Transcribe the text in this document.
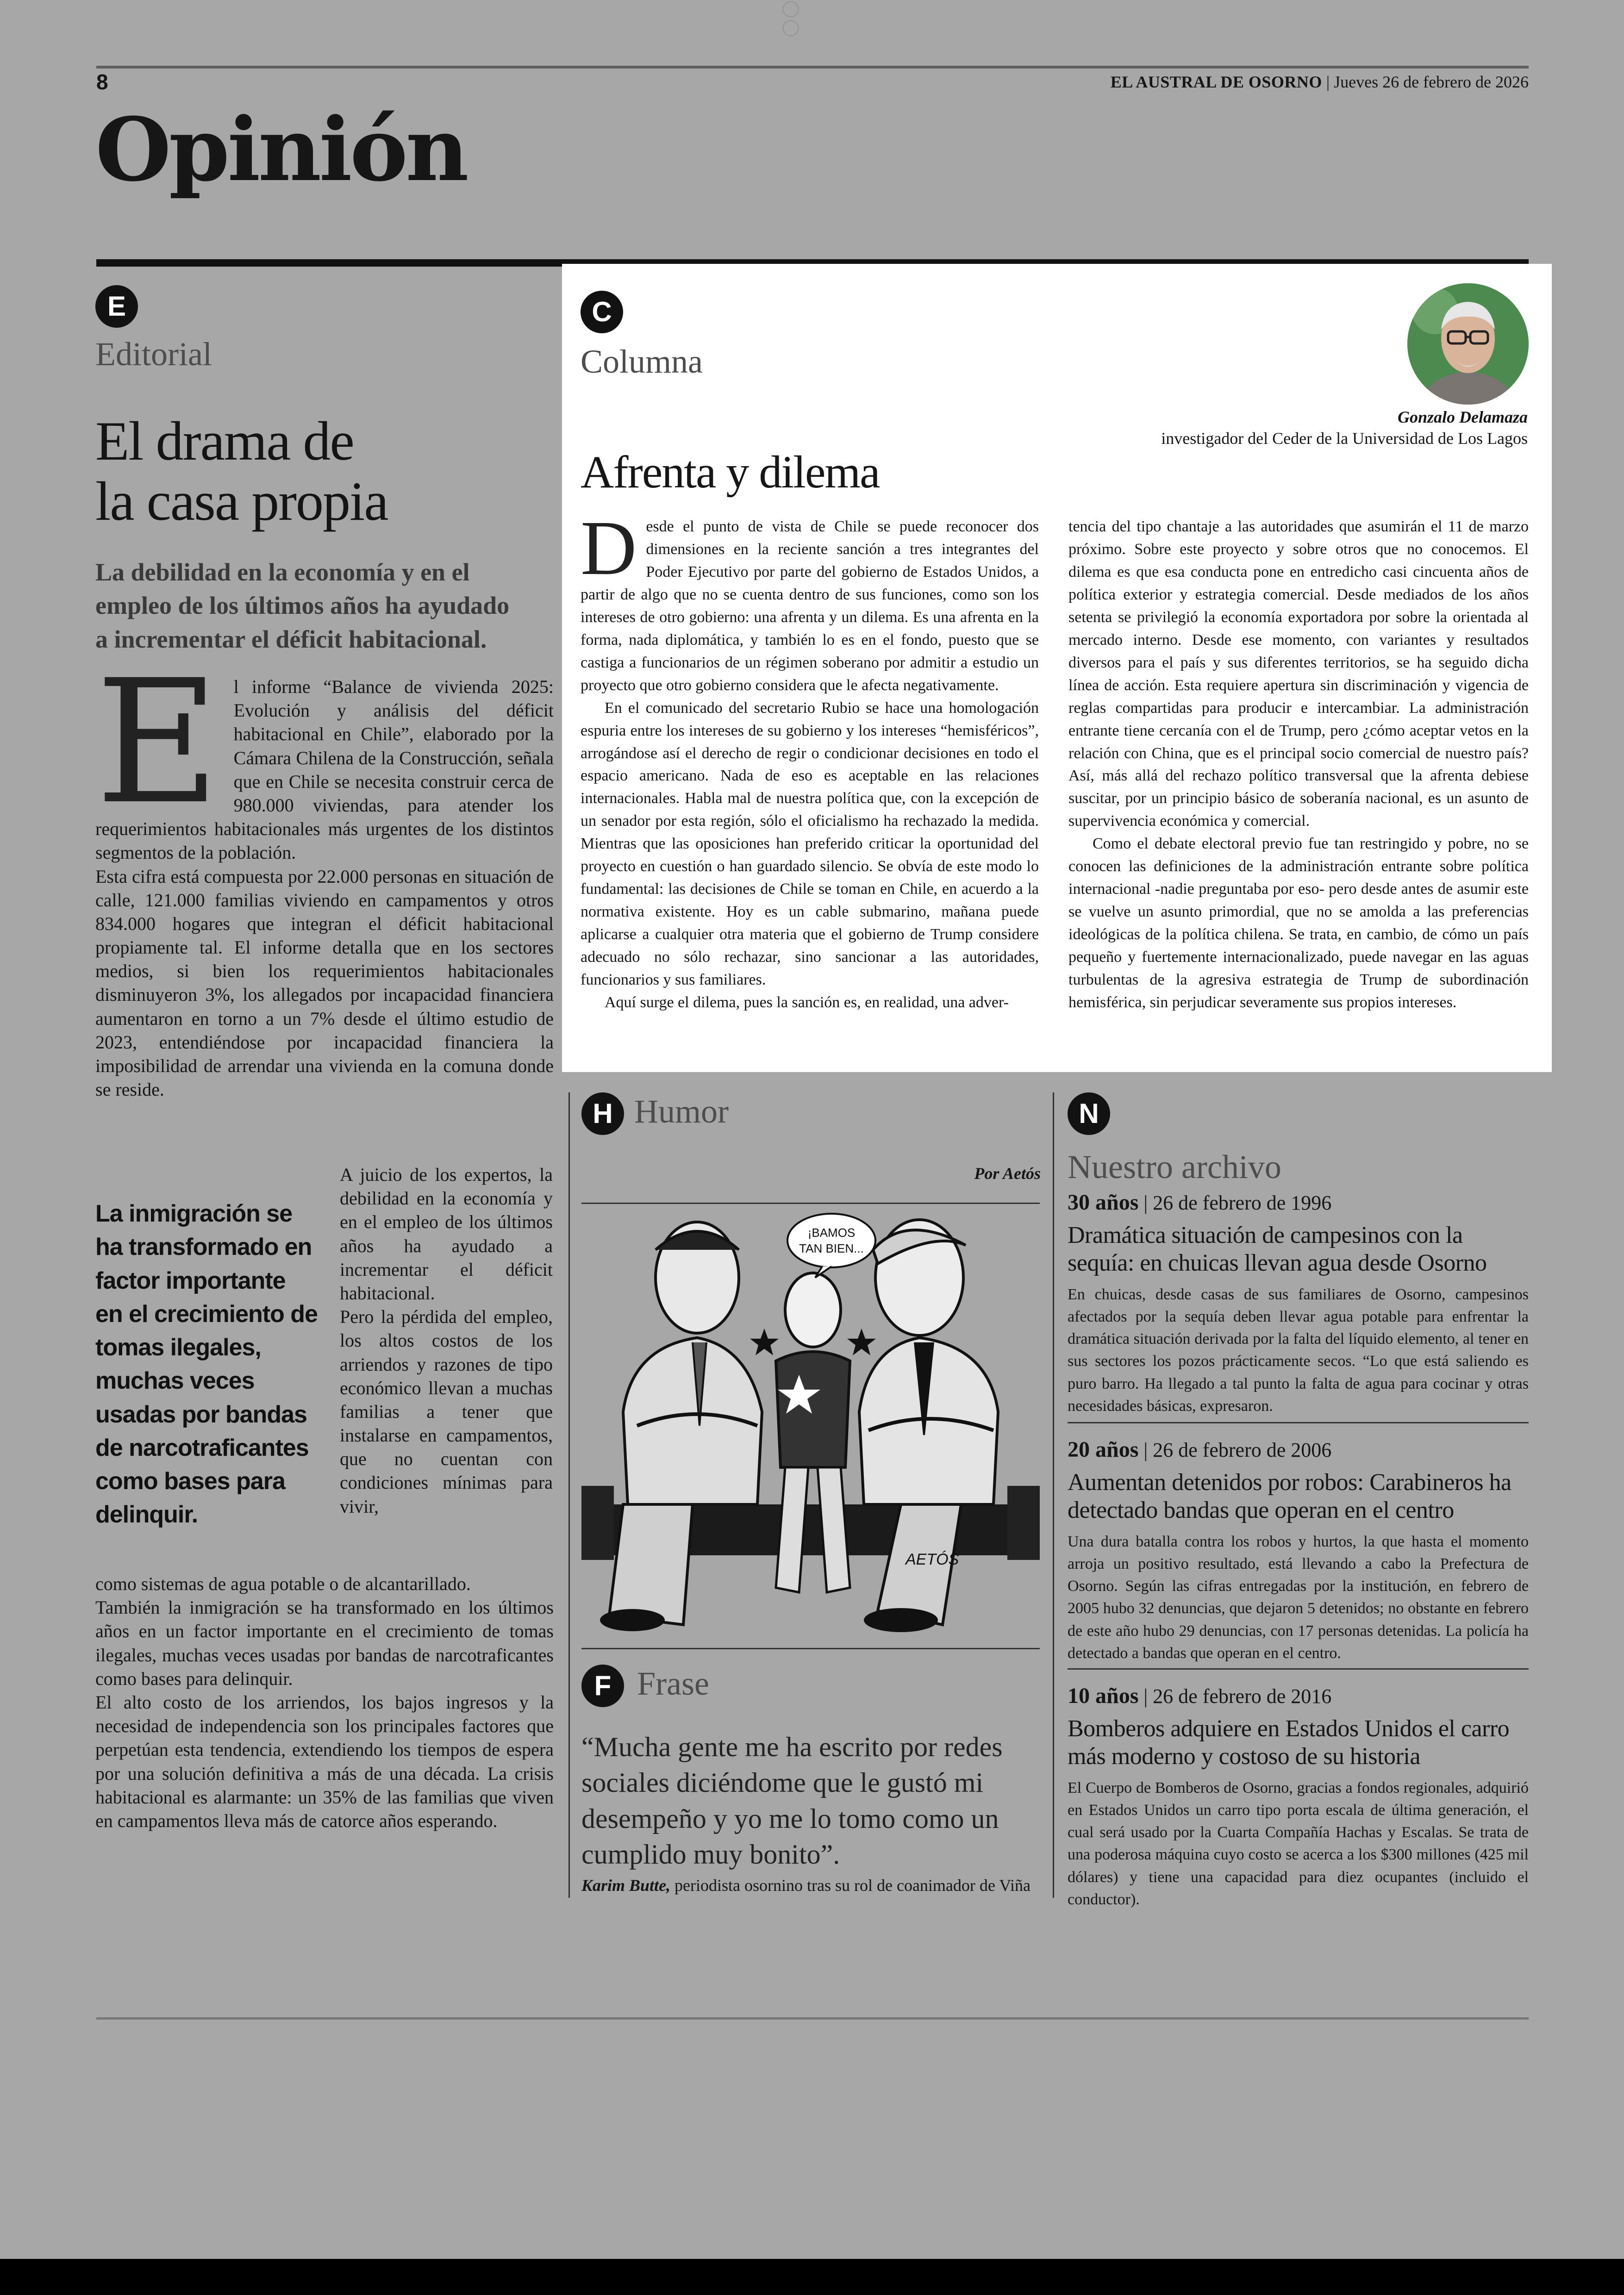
8	EL AUSTRAL DE OSORNO | Jueves 26 de febrero de 2026
Opinión
E
Editorial
El drama de
la casa propia
La debilidad en la economía y en el empleo de los últimos años ha ayudado a incrementar el déficit habitacional.
E l informe “Balance de vivienda 2025: Evolución y análisis del déficit habitacional en Chile”, elaborado por la Cámara Chilena de la Construcción, señala que en Chile se necesita construir cerca de 980.000 viviendas, para atender los requerimientos habitacionales más urgentes de los distintos segmentos de la población.

Esta cifra está compuesta por 22.000 personas en situación de calle, 121.000 familias viviendo en campamentos y otros 834.000 hogares que integran el déficit habitacional propiamente tal. El informe detalla que en los sectores medios, si bien los requerimientos habitacionales disminuyeron 3%, los allegados por incapacidad financiera aumentaron en torno a un 7% desde el último estudio de 2023, entendiéndose por incapacidad financiera la imposibilidad de arrendar una vivienda en la comuna donde se reside.

La inmigración se ha transformado en factor importante en el crecimiento de tomas ilegales, muchas veces usadas por bandas de narcotraficantes como bases para delinquir.

A juicio de los expertos, la debilidad en la economía y en el empleo de los últimos años ha ayudado a incrementar el déficit habitacional.

Pero la pérdida del empleo, los altos costos de los arriendos y razones de tipo económico llevan a muchas familias a tener que instalarse en campamentos, que no cuentan con condiciones mínimas para vivir,

como sistemas de agua potable o de alcantarillado.

También la inmigración se ha transformado en los últimos años en un factor importante en el crecimiento de tomas ilegales, muchas veces usadas por bandas de narcotraficantes como bases para delinquir.

El alto costo de los arriendos, los bajos ingresos y la necesidad de independencia son los principales factores que perpetúan esta tendencia, extendiendo los tiempos de espera por una solución definitiva a más de una década. La crisis habitacional es alarmante: un 35% de las familias que viven en campamentos lleva más de catorce años esperando.

C
Columna
Gonzalo Delamaza
investigador del Ceder de la Universidad de Los Lagos
Afrenta y dilema
D esde el punto de vista de Chile se puede reconocer dos dimensiones en la reciente sanción a tres integrantes del Poder Ejecutivo por parte del gobierno de Estados Unidos, a partir de algo que no se cuenta dentro de sus funciones, como son los intereses de otro gobierno: una afrenta y un dilema. Es una afrenta en la forma, nada diplomática, y también lo es en el fondo, puesto que se castiga a funcionarios de un régimen soberano por admitir a estudio un proyecto que otro gobierno considera que le afecta negativamente.

En el comunicado del secretario Rubio se hace una homologación espuria entre los intereses de su gobierno y los intereses “hemisféricos”, arrogándose así el derecho de regir o condicionar decisiones en todo el espacio americano. Nada de eso es aceptable en las relaciones internacionales. Habla mal de nuestra política que, con la excepción de un senador por esta región, sólo el oficialismo ha rechazado la medida. Mientras que las oposiciones han preferido criticar la oportunidad del proyecto en cuestión o han guardado silencio. Se obvía de este modo lo fundamental: las decisiones de Chile se toman en Chile, en acuerdo a la normativa existente. Hoy es un cable submarino, mañana puede aplicarse a cualquier otra materia que el gobierno de Trump considere adecuado no sólo rechazar, sino sancionar a las autoridades, funcionarios y sus familiares.

Aquí surge el dilema, pues la sanción es, en realidad, una adver-

tencia del tipo chantaje a las autoridades que asumirán el 11 de marzo próximo. Sobre este proyecto y sobre otros que no conocemos. El dilema es que esa conducta pone en entredicho casi cincuenta años de política exterior y estrategia comercial. Desde mediados de los años setenta se privilegió la economía exportadora por sobre la orientada al mercado interno. Desde ese momento, con variantes y resultados diversos para el país y sus diferentes territorios, se ha seguido dicha línea de acción. Esta requiere apertura sin discriminación y vigencia de reglas compartidas para producir e intercambiar. La administración entrante tiene cercanía con el de Trump, pero ¿cómo aceptar vetos en la relación con China, que es el principal socio comercial de nuestro país? Así, más allá del rechazo político transversal que la afrenta debiese suscitar, por un principio básico de soberanía nacional, es un asunto de supervivencia económica y comercial.

Como el debate electoral previo fue tan restringido y pobre, no se conocen las definiciones de la administración entrante sobre política internacional -nadie preguntaba por eso- pero desde antes de asumir este se vuelve un asunto primordial, que no se amolda a las preferencias ideológicas de la política chilena. Se trata, en cambio, de cómo un país pequeño y fuertemente internacionalizado, puede navegar en las aguas turbulentas de la agresiva estrategia de Trump de subordinación hemisférica, sin perjudicar severamente sus propios intereses.

H Humor
Por Aetós
¡BAMOS
TAN BIEN...
AETÓS
F Frase
“Mucha gente me ha escrito por redes sociales diciéndome que le gustó mi desempeño y yo me lo tomo como un cumplido muy bonito”.
Karim Butte, periodista osornino tras su rol de coanimador de Viña
N
Nuestro archivo
30 años | 26 de febrero de 1996
Dramática situación de campesinos con la sequía: en chuicas llevan agua desde Osorno
En chuicas, desde casas de sus familiares de Osorno, campesinos afectados por la sequía deben llevar agua potable para enfrentar la dramática situación derivada por la falta del líquido elemento, al tener en sus sectores los pozos prácticamente secos. “Lo que está saliendo es puro barro. Ha llegado a tal punto la falta de agua para cocinar y otras necesidades básicas, expresaron.
20 años | 26 de febrero de 2006
Aumentan detenidos por robos: Carabineros ha detectado bandas que operan en el centro
Una dura batalla contra los robos y hurtos, la que hasta el momento arroja un positivo resultado, está llevando a cabo la Prefectura de Osorno. Según las cifras entregadas por la institución, en febrero de 2005 hubo 32 denuncias, que dejaron 5 detenidos; no obstante en febrero de este año hubo 29 denuncias, con 17 personas detenidas. La policía ha detectado a bandas que operan en el centro.
10 años | 26 de febrero de 2016
Bomberos adquiere en Estados Unidos el carro más moderno y costoso de su historia
El Cuerpo de Bomberos de Osorno, gracias a fondos regionales, adquirió en Estados Unidos un carro tipo porta escala de última generación, el cual será usado por la Cuarta Compañía Hachas y Escalas. Se trata de una poderosa máquina cuyo costo se acerca a los $300 millones (425 mil dólares) y tiene una capacidad para diez ocupantes (incluido el conductor).
